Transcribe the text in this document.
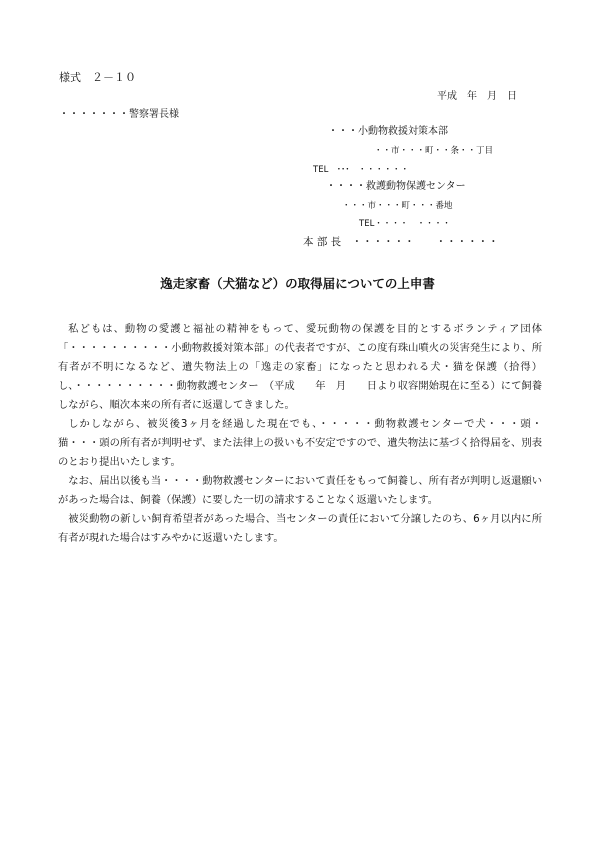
様式　２－１０
平成　年　月　日
・・・・・・・警察署長様
・・・小動物救援対策本部
・・市・・・町・・条・・丁目
TEL　･･･　・・・・・・
・・・・救護動物保護センター
・・・市・・・町・・・番地
TEL・・・・　・・・・
本 部 長　・・・・・・　　・・・・・・
逸走家畜（犬猫など）の取得届についての上申書

私どもは、動物の愛護と福祉の精神をもって、愛玩動物の保護を目的とするボランティア団体「・・・・・・・・・・小動物救援対策本部」の代表者ですが、この度有珠山噴火の災害発生により、所有者が不明になるなど、遺失物法上の「逸走の家畜」になったと思われる犬・猫を保護（拾得）し、・・・・・・・・・・動物救護センター　（平成　　年　月　　日より収容開始現在に至る）にて飼養しながら、順次本来の所有者に返還してきました。

しかしながら、被災後3ヶ月を経過した現在でも、・・・・・動物救護センターで犬・・・頭・猫・・・頭の所有者が判明せず、また法律上の扱いも不安定ですので、遺失物法に基づく拾得届を、別表のとおり提出いたします。

なお、届出以後も当・・・・動物救護センターにおいて責任をもって飼養し、所有者が判明し返還願いがあった場合は、飼養（保護）に要した一切の請求することなく返還いたします。

被災動物の新しい飼育希望者があった場合、当センターの責任において分譲したのち、6ヶ月以内に所有者が現れた場合はすみやかに返還いたします。
